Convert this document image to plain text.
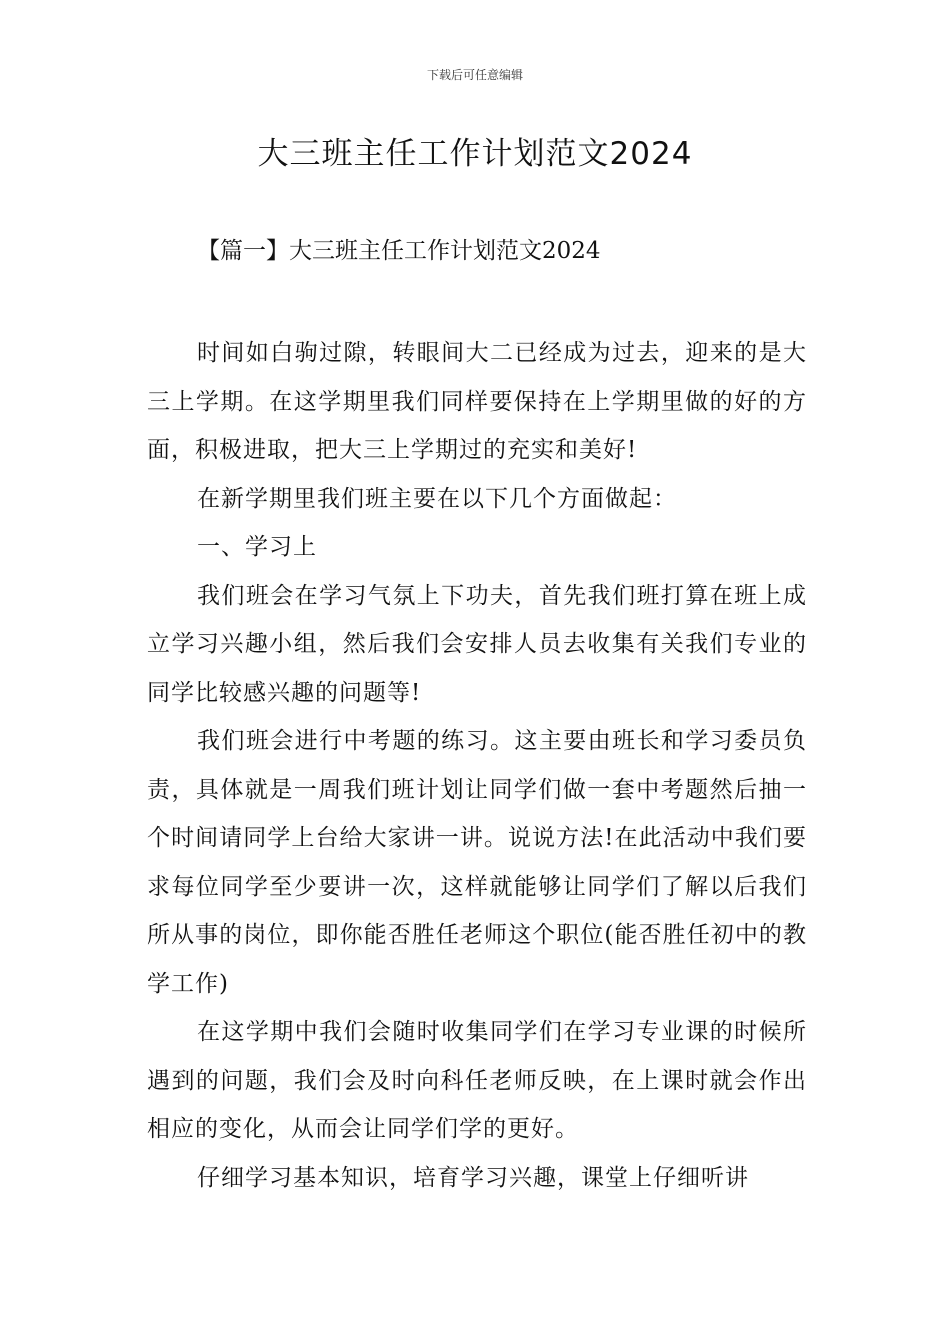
下载后可任意编辑
大三班主任工作计划范文2024
【篇一】大三班主任工作计划范文2024

时间如白驹过隙，转眼间大二已经成为过去，迎来的是大三上学期。在这学期里我们同样要保持在上学期里做的好的方面，积极进取，把大三上学期过的充实和美好!

在新学期里我们班主要在以下几个方面做起：

一、学习上

我们班会在学习气氛上下功夫，首先我们班打算在班上成立学习兴趣小组，然后我们会安排人员去收集有关我们专业的同学比较感兴趣的问题等!

我们班会进行中考题的练习。这主要由班长和学习委员负责，具体就是一周我们班计划让同学们做一套中考题然后抽一个时间请同学上台给大家讲一讲。说说方法!在此活动中我们要求每位同学至少要讲一次，这样就能够让同学们了解以后我们所从事的岗位，即你能否胜任老师这个职位(能否胜任初中的教学工作)

在这学期中我们会随时收集同学们在学习专业课的时候所遇到的问题，我们会及时向科任老师反映，在上课时就会作出相应的变化，从而会让同学们学的更好。

仔细学习基本知识，培育学习兴趣，课堂上仔细听讲
